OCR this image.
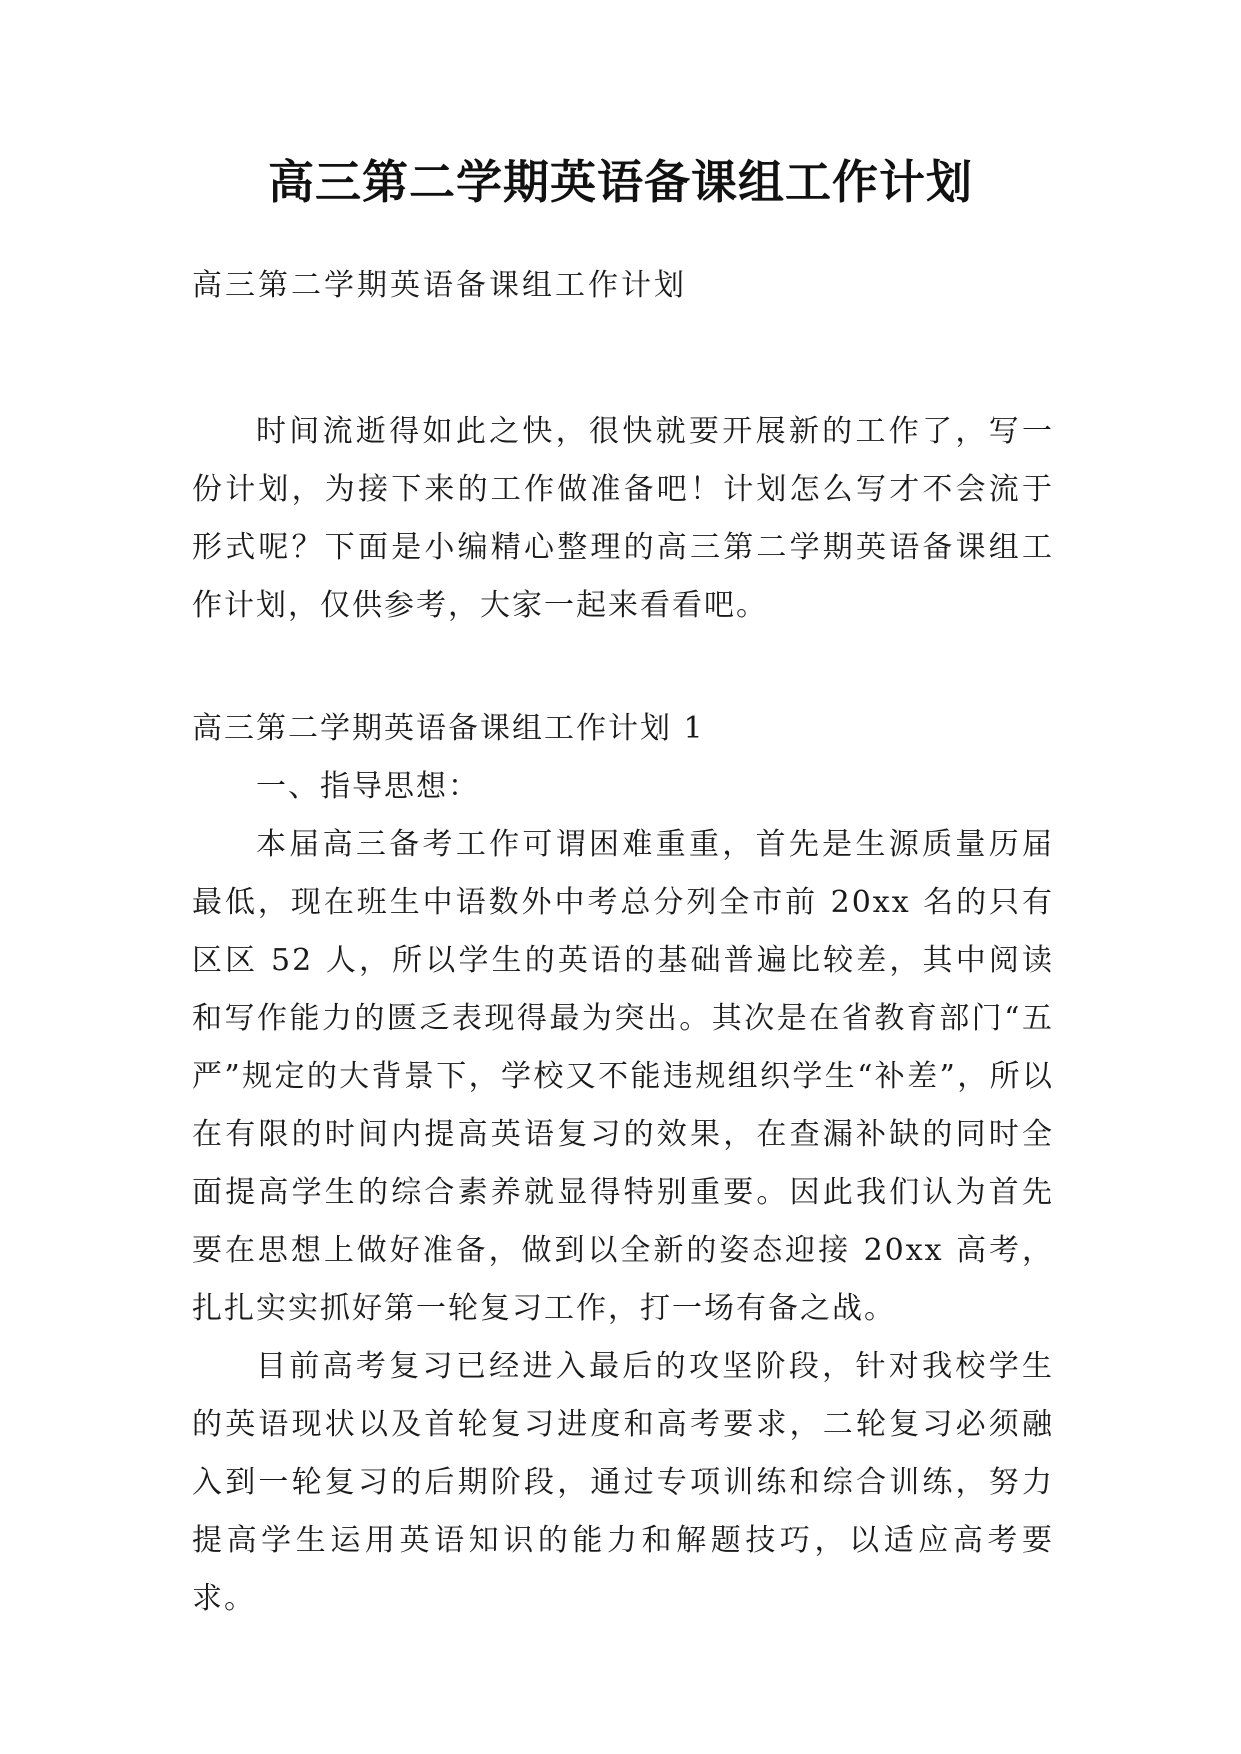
高三第二学期英语备课组工作计划
高三第二学期英语备课组工作计划

时间流逝得如此之快，很快就要开展新的工作了，写一份计划，为接下来的工作做准备吧！计划怎么写才不会流于形式呢？下面是小编精心整理的高三第二学期英语备课组工作计划，仅供参考，大家一起来看看吧。

高三第二学期英语备课组工作计划 1

一、指导思想：

本届高三备考工作可谓困难重重，首先是生源质量历届最低，现在班生中语数外中考总分列全市前 20xx 名的只有区区 52 人，所以学生的英语的基础普遍比较差，其中阅读和写作能力的匮乏表现得最为突出。其次是在省教育部门“五严”规定的大背景下，学校又不能违规组织学生“补差”，所以在有限的时间内提高英语复习的效果，在查漏补缺的同时全面提高学生的综合素养就显得特别重要。因此我们认为首先要在思想上做好准备，做到以全新的姿态迎接 20xx 高考，扎扎实实抓好第一轮复习工作，打一场有备之战。

目前高考复习已经进入最后的攻坚阶段，针对我校学生的英语现状以及首轮复习进度和高考要求，二轮复习必须融入到一轮复习的后期阶段，通过专项训练和综合训练，努力提高学生运用英语知识的能力和解题技巧，以适应高考要求。
